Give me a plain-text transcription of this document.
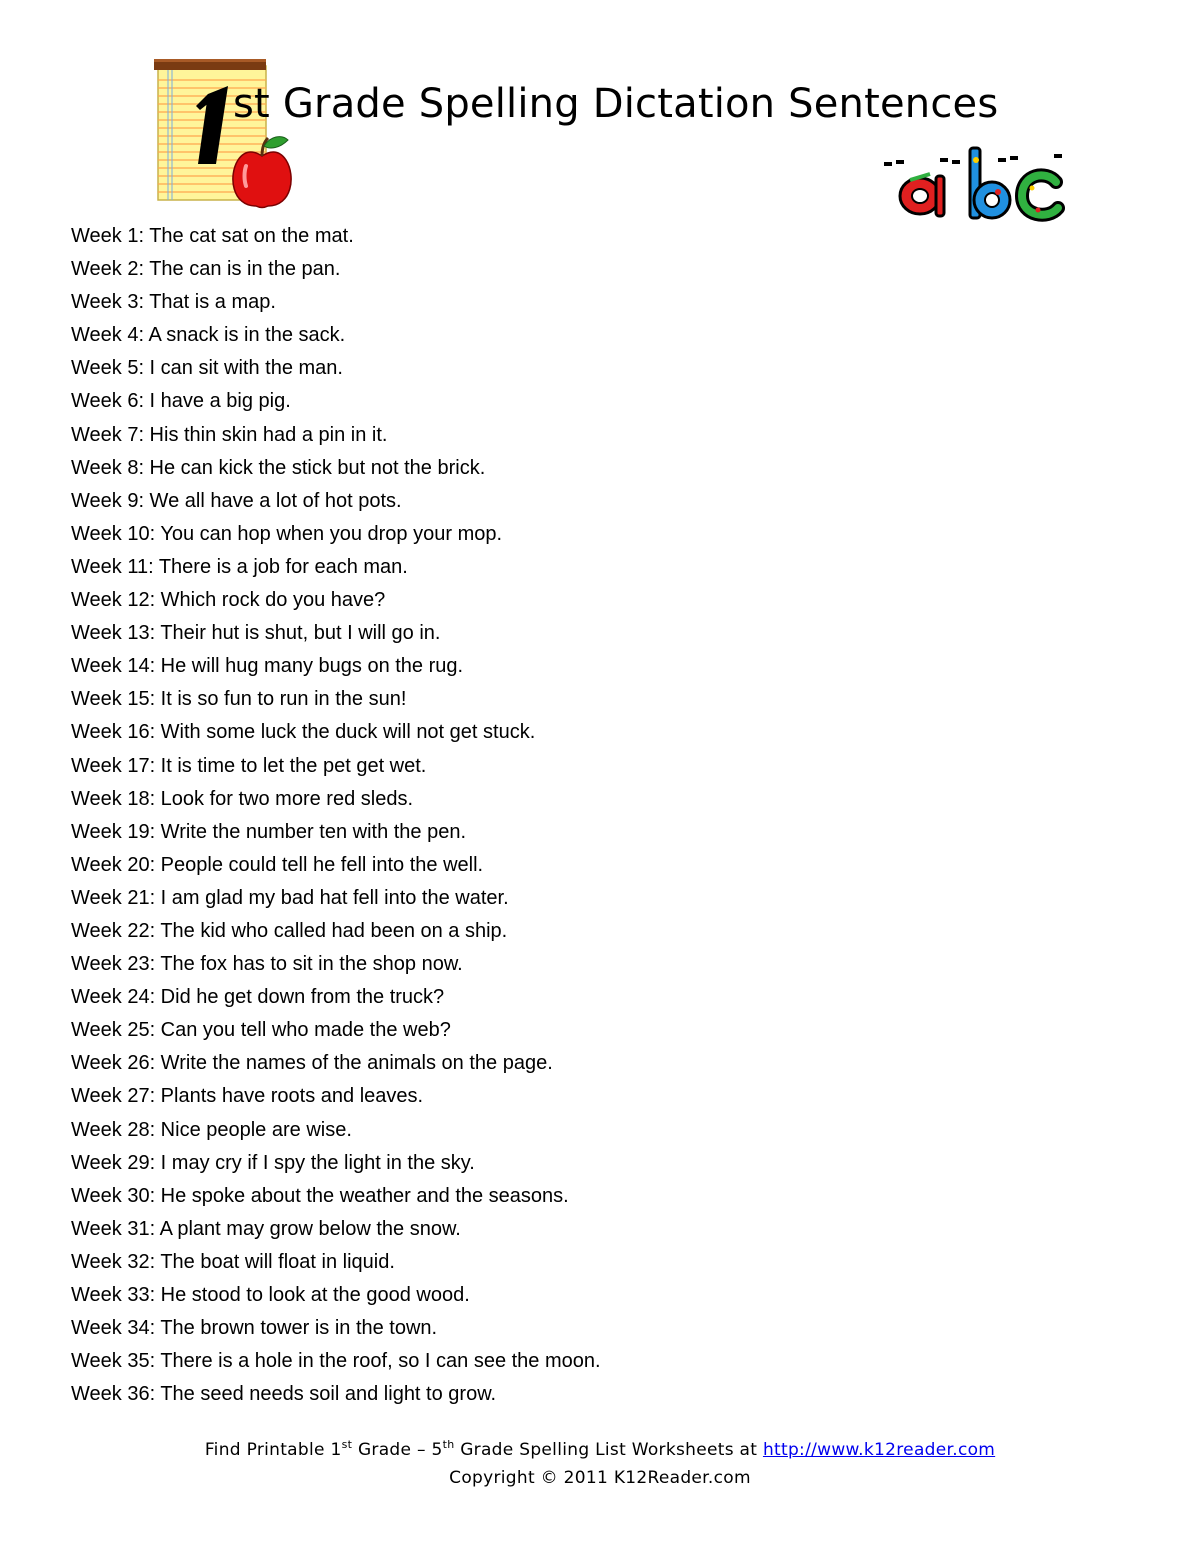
st Grade Spelling Dictation Sentences
Week 1: The cat sat on the mat.
Week 2: The can is in the pan.
Week 3: That is a map.
Week 4: A snack is in the sack.
Week 5: I can sit with the man.
Week 6: I have a big pig.
Week 7: His thin skin had a pin in it.
Week 8: He can kick the stick but not the brick.
Week 9: We all have a lot of hot pots.
Week 10: You can hop when you drop your mop.
Week 11: There is a job for each man.
Week 12: Which rock do you have?
Week 13: Their hut is shut, but I will go in.
Week 14: He will hug many bugs on the rug.
Week 15: It is so fun to run in the sun!
Week 16: With some luck the duck will not get stuck.
Week 17: It is time to let the pet get wet.
Week 18: Look for two more red sleds.
Week 19: Write the number ten with the pen.
Week 20: People could tell he fell into the well.
Week 21: I am glad my bad hat fell into the water.
Week 22: The kid who called had been on a ship.
Week 23: The fox has to sit in the shop now.
Week 24: Did he get down from the truck?
Week 25: Can you tell who made the web?
Week 26: Write the names of the animals on the page.
Week 27: Plants have roots and leaves.
Week 28: Nice people are wise.
Week 29: I may cry if I spy the light in the sky.
Week 30: He spoke about the weather and the seasons.
Week 31: A plant may grow below the snow.
Week 32: The boat will float in liquid.
Week 33: He stood to look at the good wood.
Week 34: The brown tower is in the town.
Week 35: There is a hole in the roof, so I can see the moon.
Week 36: The seed needs soil and light to grow.
Find Printable 1st Grade – 5th Grade Spelling List Worksheets at http://www.k12reader.com
Copyright © 2011 K12Reader.com
